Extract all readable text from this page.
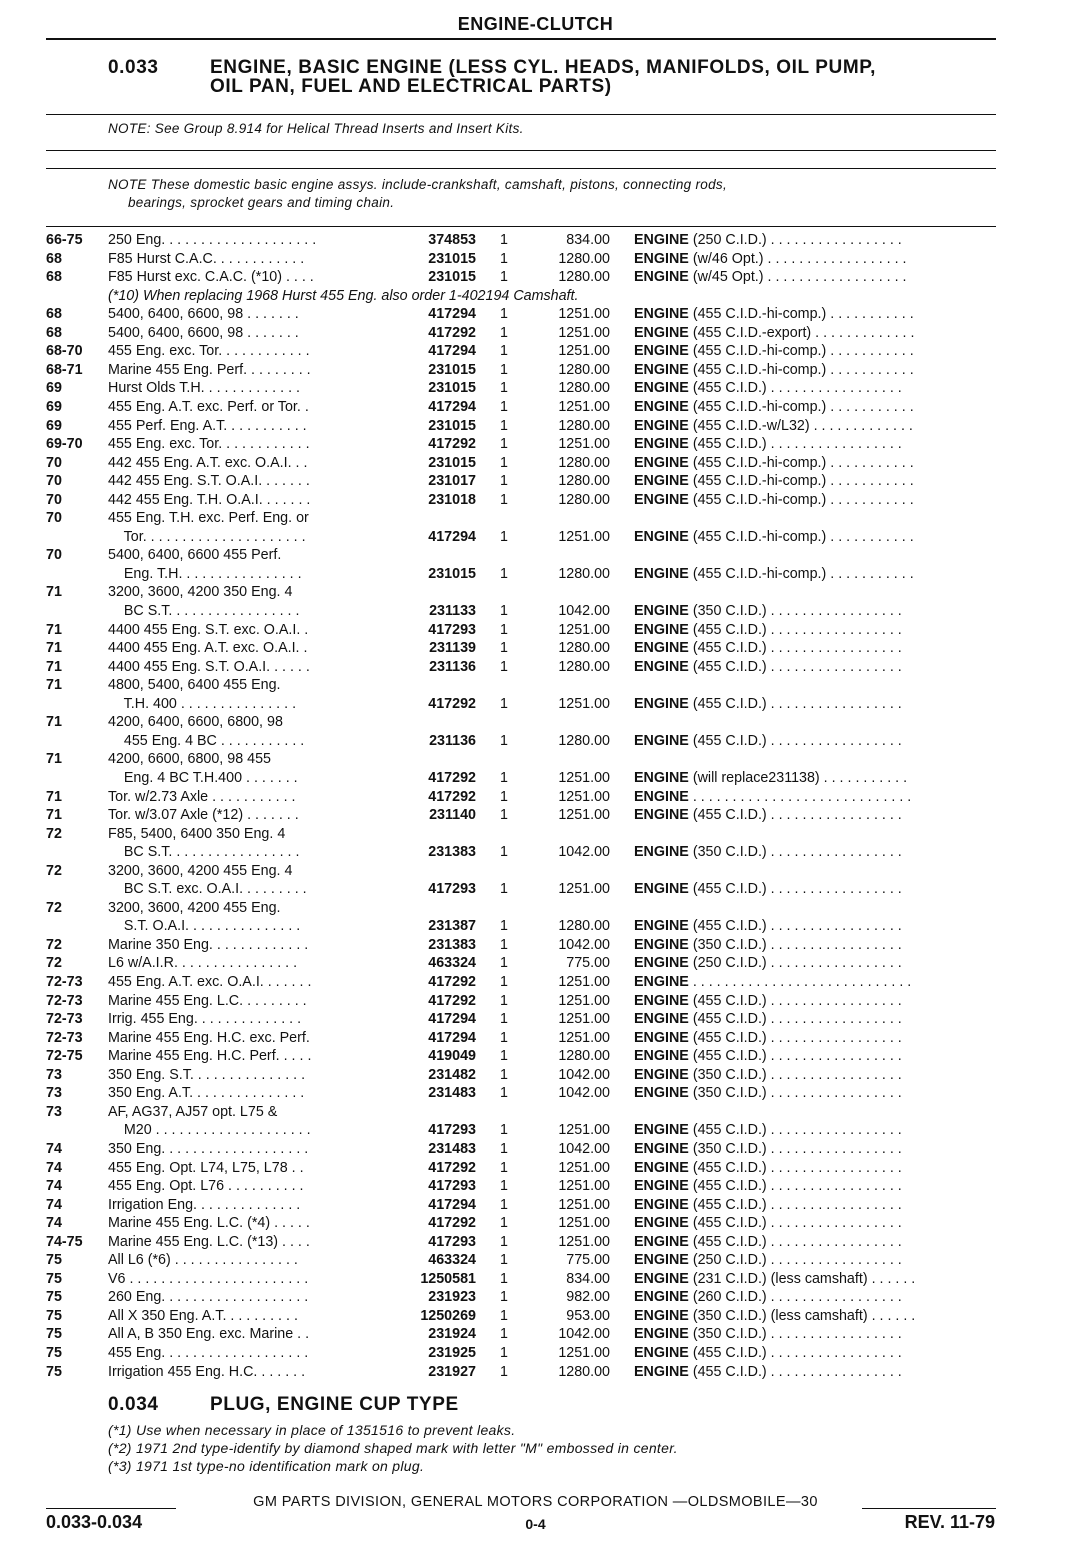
ENGINE-CLUTCH
0.033	ENGINE, BASIC ENGINE (LESS CYL. HEADS, MANIFOLDS, OIL PUMP,
OIL PAN, FUEL AND ELECTRICAL PARTS)
NOTE: See Group 8.914 for Helical Thread Inserts and Insert Kits.
NOTE These domestic basic engine assys. include-crankshaft, camshaft, pistons, connecting rods,
bearings, sprocket gears and timing chain.
66-75	250 Eng. . . . . . . . . . . . . . . . . . . .	374853 1	834.00 ENGINE (250 C.I.D.) . . . . . . . . . . . . . . . . .
68	F85 Hurst C.A.C. . . . . . . . . . . .	231015 1	1280.00 ENGINE (w/46 Opt.) . . . . . . . . . . . . . . . . . .
68	F85 Hurst exc. C.A.C. (*10) . . . .	231015 1	1280.00 ENGINE (w/45 Opt.) . . . . . . . . . . . . . . . . . .
(*10) When replacing 1968 Hurst 455 Eng. also order 1-402194 Camshaft.
68	5400, 6400, 6600, 98 . . . . . . .	417294 1	1251.00 ENGINE (455 C.I.D.-hi-comp.) . . . . . . . . . . .
68	5400, 6400, 6600, 98 . . . . . . .	417292 1	1251.00 ENGINE (455 C.I.D.-export) . . . . . . . . . . . . .
68-70	455 Eng. exc. Tor. . . . . . . . . . . .	417294 1	1251.00 ENGINE (455 C.I.D.-hi-comp.) . . . . . . . . . . .
68-71	Marine 455 Eng. Perf. . . . . . . . .	231015 1	1280.00 ENGINE (455 C.I.D.-hi-comp.) . . . . . . . . . . .
69	Hurst Olds T.H. . . . . . . . . . . . .	231015 1	1280.00 ENGINE (455 C.I.D.) . . . . . . . . . . . . . . . . .
69	455 Eng. A.T. exc. Perf. or Tor. .	417294 1	1251.00 ENGINE (455 C.I.D.-hi-comp.) . . . . . . . . . . .
69	455 Perf. Eng. A.T. . . . . . . . . . .	231015 1	1280.00 ENGINE (455 C.I.D.-w/L32) . . . . . . . . . . . . .
69-70	455 Eng. exc. Tor. . . . . . . . . . . .	417292 1	1251.00 ENGINE (455 C.I.D.) . . . . . . . . . . . . . . . . .
70	442 455 Eng. A.T. exc. O.A.I. . .	231015 1	1280.00 ENGINE (455 C.I.D.-hi-comp.) . . . . . . . . . . .
70	442 455 Eng. S.T. O.A.I. . . . . . .	231017 1	1280.00 ENGINE (455 C.I.D.-hi-comp.) . . . . . . . . . . .
70	442 455 Eng. T.H. O.A.I. . . . . . .	231018 1	1280.00 ENGINE (455 C.I.D.-hi-comp.) . . . . . . . . . . .
70	455 Eng. T.H. exc. Perf. Eng. or
Tor. . . . . . . . . . . . . . . . . . . . .	417294 1	1251.00 ENGINE (455 C.I.D.-hi-comp.) . . . . . . . . . . .
70	5400, 6400, 6600 455 Perf.
Eng. T.H. . . . . . . . . . . . . . . .	231015 1	1280.00 ENGINE (455 C.I.D.-hi-comp.) . . . . . . . . . . .
71	3200, 3600, 4200 350 Eng. 4
BC S.T. . . . . . . . . . . . . . . . .	231133 1	1042.00 ENGINE (350 C.I.D.) . . . . . . . . . . . . . . . . .
71	4400 455 Eng. S.T. exc. O.A.I. .	417293 1	1251.00 ENGINE (455 C.I.D.) . . . . . . . . . . . . . . . . .
71	4400 455 Eng. A.T. exc. O.A.I. .	231139 1	1280.00 ENGINE (455 C.I.D.) . . . . . . . . . . . . . . . . .
71	4400 455 Eng. S.T. O.A.I. . . . . .	231136 1	1280.00 ENGINE (455 C.I.D.) . . . . . . . . . . . . . . . . .
71	4800, 5400, 6400 455 Eng.
T.H. 400 . . . . . . . . . . . . . . .	417292 1	1251.00 ENGINE (455 C.I.D.) . . . . . . . . . . . . . . . . .
71	4200, 6400, 6600, 6800, 98
455 Eng. 4 BC . . . . . . . . . . .	231136 1	1280.00 ENGINE (455 C.I.D.) . . . . . . . . . . . . . . . . .
71	4200, 6600, 6800, 98 455
Eng. 4 BC T.H.400 . . . . . . .	417292 1	1251.00 ENGINE (will replace231138) . . . . . . . . . . .
71	Tor. w/2.73 Axle . . . . . . . . . . .	417292 1	1251.00 ENGINE . . . . . . . . . . . . . . . . . . . . . . . . . . . .
71	Tor. w/3.07 Axle (*12) . . . . . . .	231140 1	1251.00 ENGINE (455 C.I.D.) . . . . . . . . . . . . . . . . .
72	F85, 5400, 6400 350 Eng. 4
BC S.T. . . . . . . . . . . . . . . . .	231383 1	1042.00 ENGINE (350 C.I.D.) . . . . . . . . . . . . . . . . .
72	3200, 3600, 4200 455 Eng. 4
BC S.T. exc. O.A.I. . . . . . . . .	417293 1	1251.00 ENGINE (455 C.I.D.) . . . . . . . . . . . . . . . . .
72	3200, 3600, 4200 455 Eng.
S.T. O.A.I. . . . . . . . . . . . . . .	231387 1	1280.00 ENGINE (455 C.I.D.) . . . . . . . . . . . . . . . . .
72	Marine 350 Eng. . . . . . . . . . . . .	231383 1	1042.00 ENGINE (350 C.I.D.) . . . . . . . . . . . . . . . . .
72	L6 w/A.I.R. . . . . . . . . . . . . . . .	463324 1	775.00 ENGINE (250 C.I.D.) . . . . . . . . . . . . . . . . .
72-73	455 Eng. A.T. exc. O.A.I. . . . . . .	417292 1	1251.00 ENGINE . . . . . . . . . . . . . . . . . . . . . . . . . . . .
72-73	Marine 455 Eng. L.C. . . . . . . . .	417292 1	1251.00 ENGINE (455 C.I.D.) . . . . . . . . . . . . . . . . .
72-73	Irrig. 455 Eng. . . . . . . . . . . . . .	417294 1	1251.00 ENGINE (455 C.I.D.) . . . . . . . . . . . . . . . . .
72-73	Marine 455 Eng. H.C. exc. Perf.	417294 1	1251.00 ENGINE (455 C.I.D.) . . . . . . . . . . . . . . . . .
72-75	Marine 455 Eng. H.C. Perf. . . . .	419049 1	1280.00 ENGINE (455 C.I.D.) . . . . . . . . . . . . . . . . .
73	350 Eng. S.T. . . . . . . . . . . . . . .	231482 1	1042.00 ENGINE (350 C.I.D.) . . . . . . . . . . . . . . . . .
73	350 Eng. A.T. . . . . . . . . . . . . . .	231483 1	1042.00 ENGINE (350 C.I.D.) . . . . . . . . . . . . . . . . .
73	AF, AG37, AJ57 opt. L75 &
M20 . . . . . . . . . . . . . . . . . . . .	417293 1	1251.00 ENGINE (455 C.I.D.) . . . . . . . . . . . . . . . . .
74	350 Eng. . . . . . . . . . . . . . . . . . .	231483 1	1042.00 ENGINE (350 C.I.D.) . . . . . . . . . . . . . . . . .
74	455 Eng. Opt. L74, L75, L78 . .	417292 1	1251.00 ENGINE (455 C.I.D.) . . . . . . . . . . . . . . . . .
74	455 Eng. Opt. L76 . . . . . . . . . .	417293 1	1251.00 ENGINE (455 C.I.D.) . . . . . . . . . . . . . . . . .
74	Irrigation Eng. . . . . . . . . . . . . .	417294 1	1251.00 ENGINE (455 C.I.D.) . . . . . . . . . . . . . . . . .
74	Marine 455 Eng. L.C. (*4) . . . . .	417292 1	1251.00 ENGINE (455 C.I.D.) . . . . . . . . . . . . . . . . .
74-75	Marine 455 Eng. L.C. (*13) . . . .	417293 1	1251.00 ENGINE (455 C.I.D.) . . . . . . . . . . . . . . . . .
75	All L6 (*6) . . . . . . . . . . . . . . . .	463324 1	775.00 ENGINE (250 C.I.D.) . . . . . . . . . . . . . . . . .
75	V6 . . . . . . . . . . . . . . . . . . . . . . .	1250581 1	834.00 ENGINE (231 C.I.D.) (less camshaft) . . . . . .
75	260 Eng. . . . . . . . . . . . . . . . . . .	231923 1	982.00 ENGINE (260 C.I.D.) . . . . . . . . . . . . . . . . .
75	All X 350 Eng. A.T. . . . . . . . . .	1250269 1	953.00 ENGINE (350 C.I.D.) (less camshaft) . . . . . .
75	All A, B 350 Eng. exc. Marine . .	231924 1	1042.00 ENGINE (350 C.I.D.) . . . . . . . . . . . . . . . . .
75	455 Eng. . . . . . . . . . . . . . . . . . .	231925 1	1251.00 ENGINE (455 C.I.D.) . . . . . . . . . . . . . . . . .
75	Irrigation 455 Eng. H.C. . . . . . .	231927 1	1280.00 ENGINE (455 C.I.D.) . . . . . . . . . . . . . . . . .
0.034	PLUG, ENGINE CUP TYPE
(*1) Use when necessary in place of 1351516 to prevent leaks.
(*2) 1971 2nd type-identify by diamond shaped mark with letter "M" embossed in center.
(*3) 1971 1st type-no identification mark on plug.
GM PARTS DIVISION, GENERAL MOTORS CORPORATION —OLDSMOBILE—30
0.033-0.034	0-4	REV. 11-79
